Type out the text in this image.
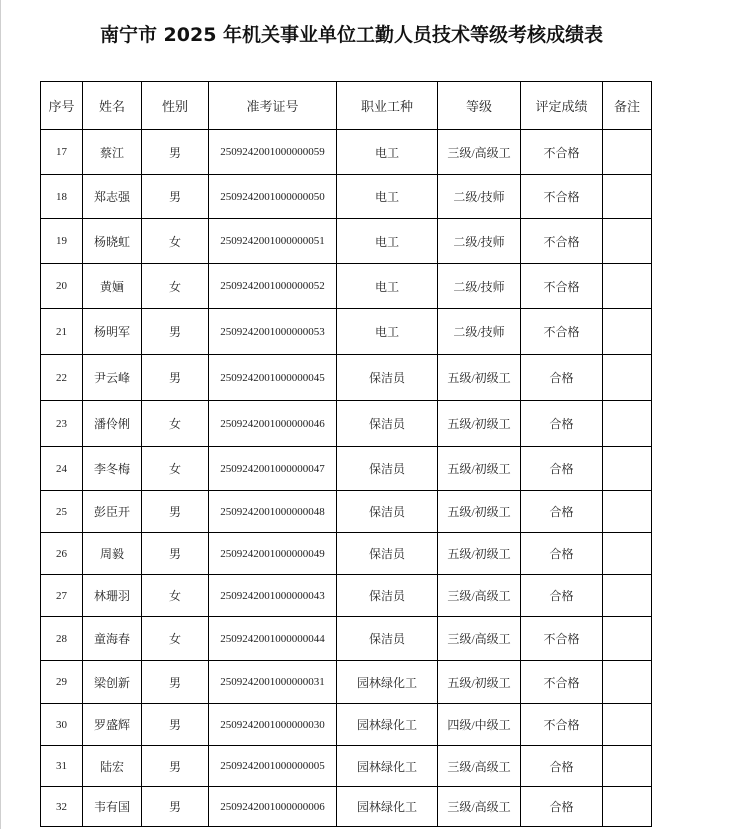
南宁市 2025 年机关事业单位工勤人员技术等级考核成绩表
序号	姓名	性别	准考证号	职业工种	等级	评定成绩	备注
17	蔡江	男	2509242001000000059	电工	三级/高级工	不合格	
18	郑志强	男	2509242001000000050	电工	二级/技师	不合格	
19	杨晓虹	女	2509242001000000051	电工	二级/技师	不合格	
20	黄婳	女	2509242001000000052	电工	二级/技师	不合格	
21	杨明军	男	2509242001000000053	电工	二级/技师	不合格	
22	尹云峰	男	2509242001000000045	保洁员	五级/初级工	合格	
23	潘伶俐	女	2509242001000000046	保洁员	五级/初级工	合格	
24	李冬梅	女	2509242001000000047	保洁员	五级/初级工	合格	
25	彭臣开	男	2509242001000000048	保洁员	五级/初级工	合格	
26	周毅	男	2509242001000000049	保洁员	五级/初级工	合格	
27	林珊羽	女	2509242001000000043	保洁员	三级/高级工	合格	
28	童海春	女	2509242001000000044	保洁员	三级/高级工	不合格	
29	梁创新	男	2509242001000000031	园林绿化工	五级/初级工	不合格	
30	罗盛辉	男	2509242001000000030	园林绿化工	四级/中级工	不合格	
31	陆宏	男	2509242001000000005	园林绿化工	三级/高级工	合格	
32	韦有国	男	2509242001000000006	园林绿化工	三级/高级工	合格	
